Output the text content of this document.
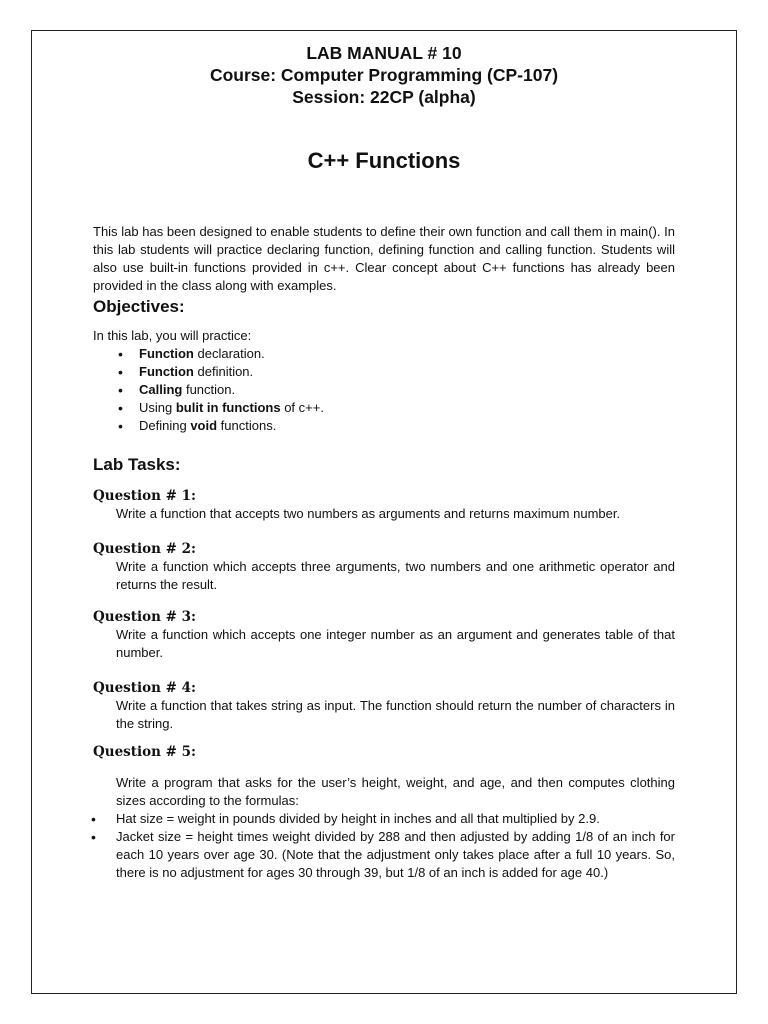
LAB MANUAL # 10
Course: Computer Programming (CP-107)
Session: 22CP (alpha)
C++ Functions

This lab has been designed to enable students to define their own function and call them in main(). In this lab students will practice declaring function, defining function and calling function. Students will also use built-in functions provided in c++. Clear concept about C++ functions has already been provided in the class along with examples.

Objectives:
In this lab, you will practice:
• Function declaration.
• Function definition.
• Calling function.
• Using bulit in functions of c++.
• Defining void functions.
Lab Tasks:
Question # 1:
Write a function that accepts two numbers as arguments and returns maximum number.
Question # 2:
Write a function which accepts three arguments, two numbers and one arithmetic operator and returns the result.
Question # 3:
Write a function which accepts one integer number as an argument and generates table of that number.
Question # 4:
Write a function that takes string as input. The function should return the number of characters in the string.
Question # 5:
Write a program that asks for the user’s height, weight, and age, and then computes clothing sizes according to the formulas:
• Hat size = weight in pounds divided by height in inches and all that multiplied by 2.9.
• Jacket size = height times weight divided by 288 and then adjusted by adding 1/8 of an inch for each 10 years over age 30. (Note that the adjustment only takes place after a full 10 years. So, there is no adjustment for ages 30 through 39, but 1/8 of an inch is added for age 40.)
